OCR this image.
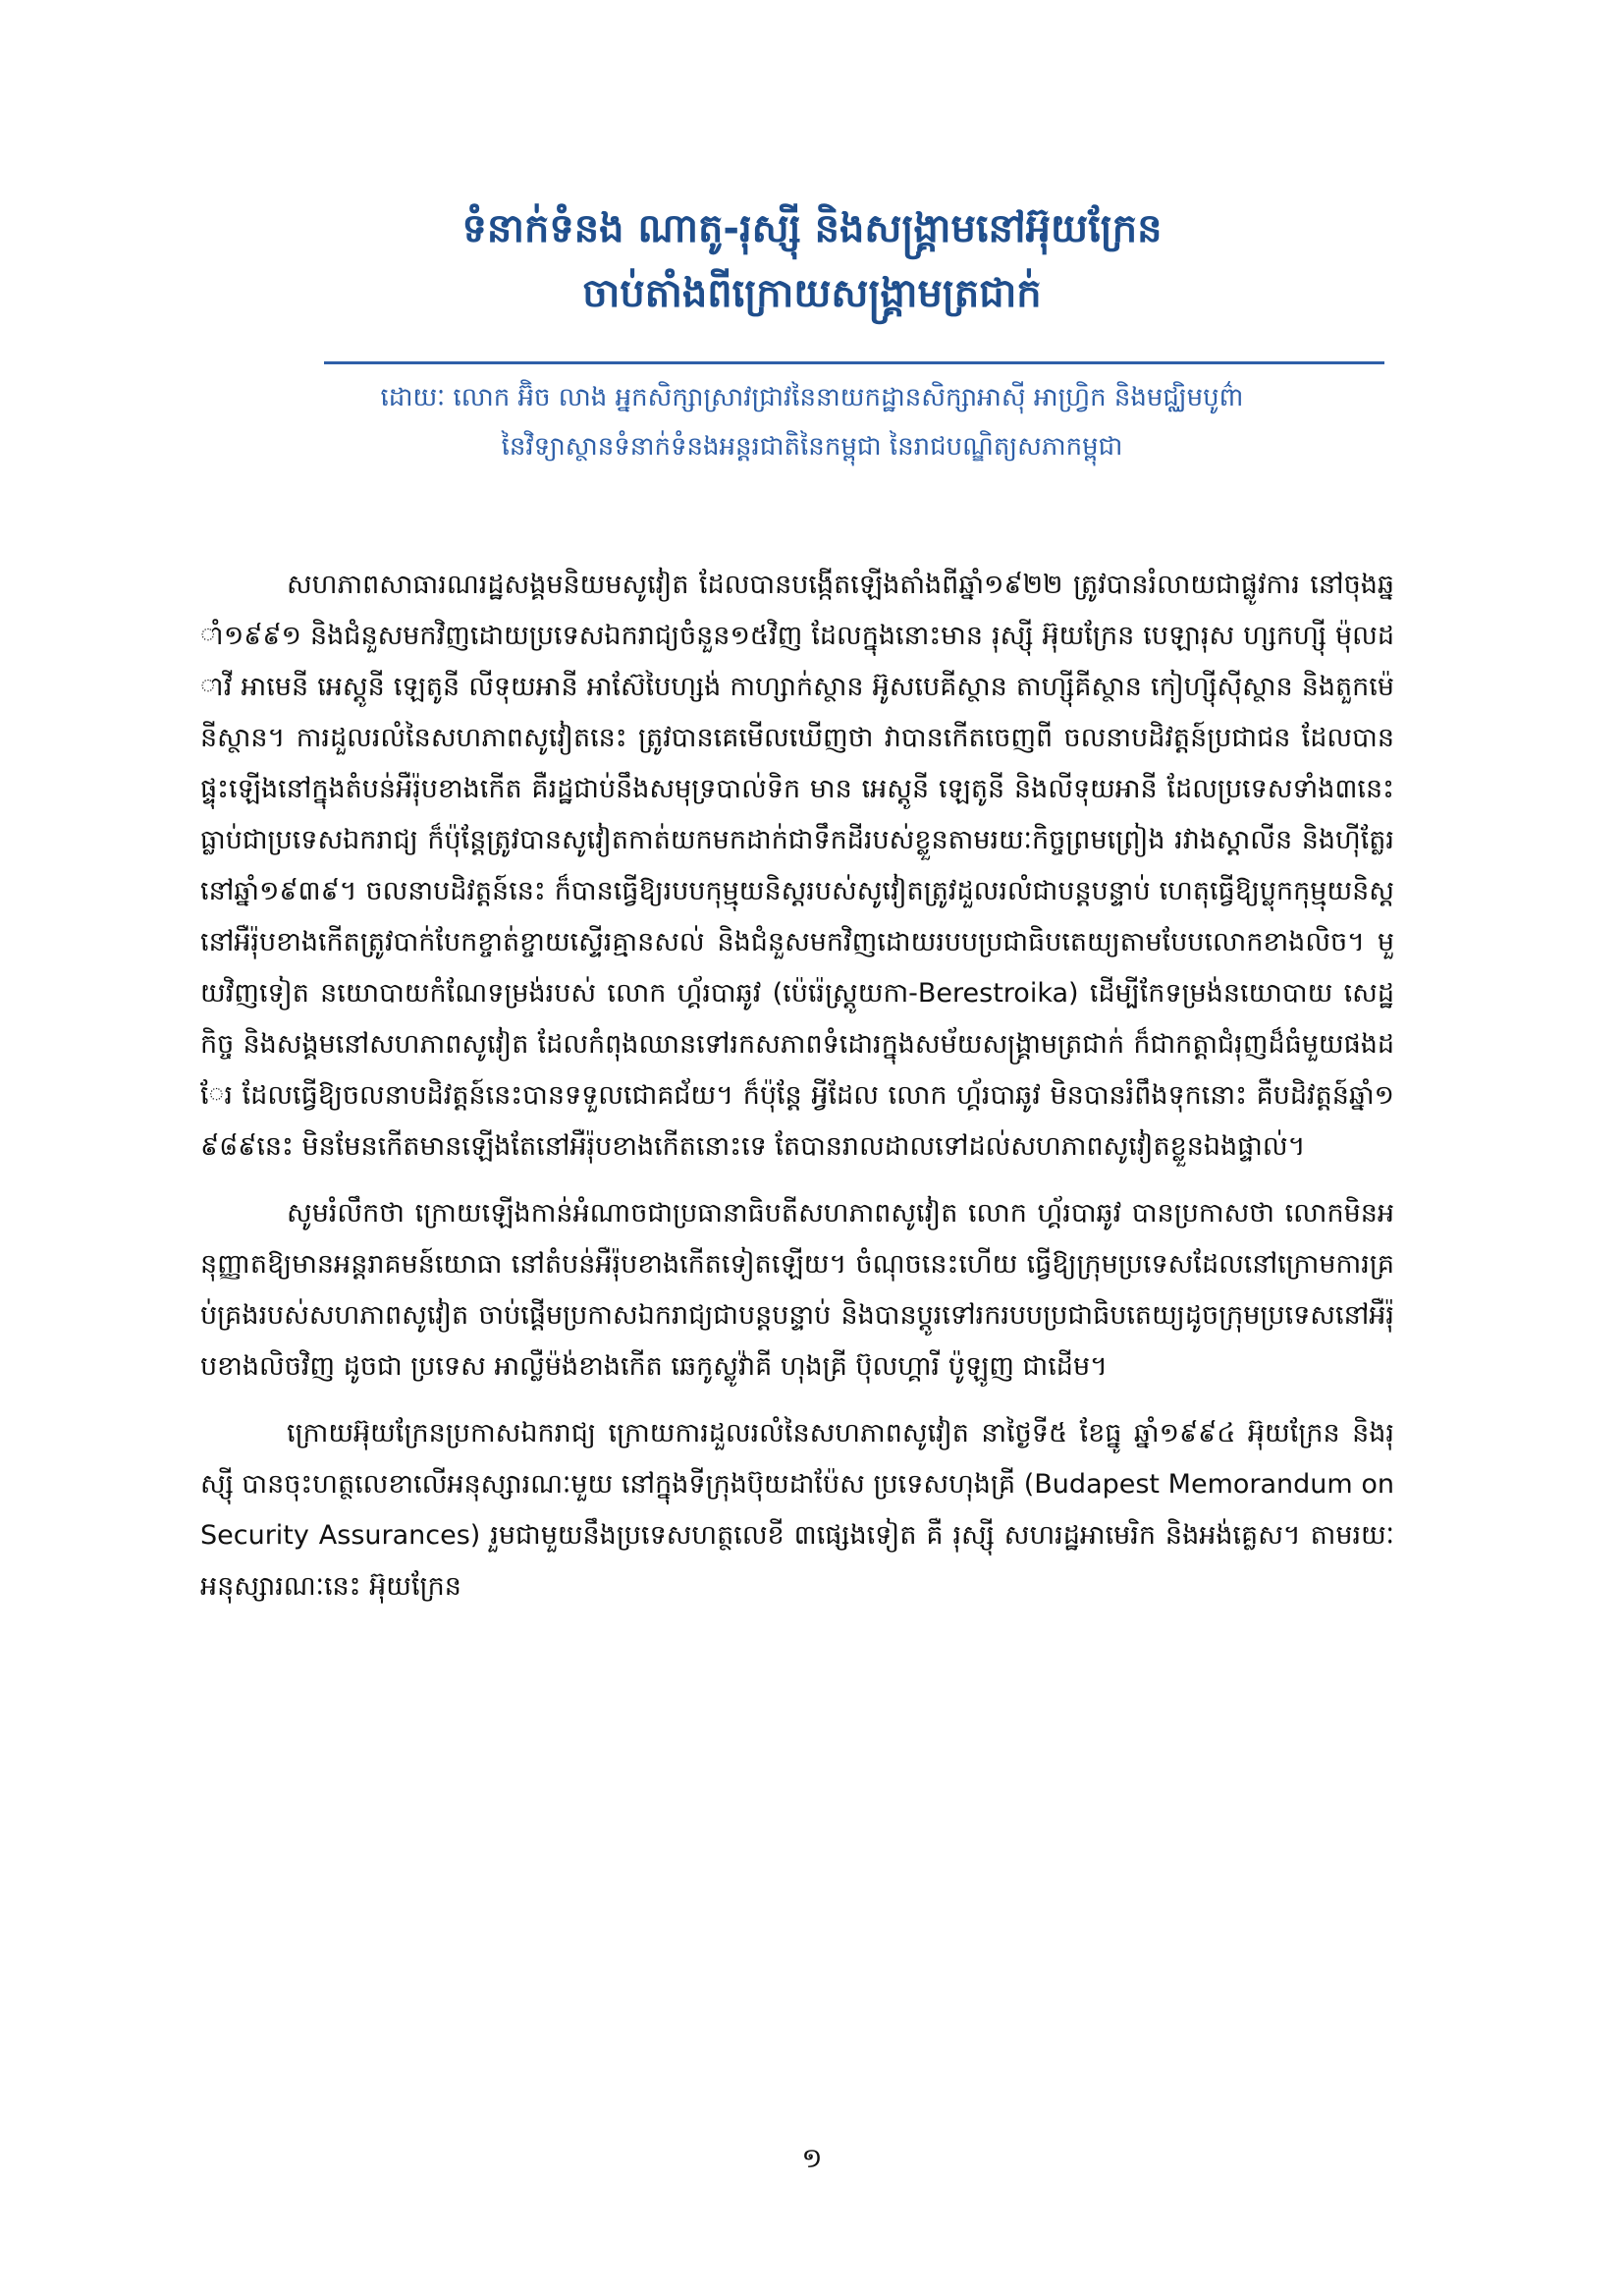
ទំនាក់ទំនង ណាតូ-រុស្ស៊ី និងសង្គ្រាមនៅអ៊ុយក្រែន
ចាប់តាំងពីក្រោយសង្គ្រាមត្រជាក់
ដោយៈ លោក អ៊ិច លាង អ្នកសិក្សាស្រាវជ្រាវនៃនាយកដ្ឋានសិក្សាអាស៊ី អាហ្វ្រិក និងមជ្ឈិមបូព៌ា
នៃវិទ្យាស្ថានទំនាក់ទំនងអន្តរជាតិនៃកម្ពុជា នៃរាជបណ្ឌិត្យសភាកម្ពុជា

សហភាពសាធារណរដ្ឋសង្គមនិយមសូវៀត ដែលបានបង្កើតឡើងតាំងពីឆ្នាំ១៩២២ ត្រូវបានរំលាយជាផ្លូវការ នៅចុងឆ្នាំ១៩៩១ និងជំនួសមកវិញដោយប្រទេសឯករាជ្យចំនួន១៥វិញ ដែលក្នុងនោះមាន រុស្ស៊ី អ៊ុយក្រែន បេឡារុស ហ្សកហ្ស៊ី ម៉ុលដាវី អាមេនី អេស្តូនី ឡេតូនី លីទុយអានី អាស៊ែបៃហ្សង់ កាហ្សាក់ស្ថាន អ៊ូសបេគីស្ថាន តាហ្ស៊ីគីស្ថាន កៀហ្ស៊ីស៊ីស្ថាន និងតួកម៉េនីស្ថាន។ ការដួលរលំនៃសហភាពសូវៀតនេះ ត្រូវបានគេមើលឃើញថា វាបានកើតចេញពី ចលនាបដិវត្តន៍ប្រជាជន ដែលបានផ្ទុះឡើងនៅក្នុងតំបន់អឺរ៉ុបខាងកើត គឺរដ្ឋជាប់នឹងសមុទ្របាល់ទិក មាន អេស្តូនី ឡេតូនី និងលីទុយអានី ដែលប្រទេសទាំង៣នេះធ្លាប់ជាប្រទេសឯករាជ្យ ក៏ប៉ុន្តែត្រូវបានសូវៀតកាត់យកមកដាក់ជាទឹកដីរបស់ខ្លួនតាមរយៈកិច្ចព្រមព្រៀង រវាងស្តាលីន និងហ៊ីត្លែរ នៅឆ្នាំ១៩៣៩។ ចលនាបដិវត្តន៍នេះ ក៏បានធ្វើឱ្យរបបកុម្មុយនិស្តរបស់សូវៀតត្រូវដួលរលំជាបន្តបន្ទាប់ ហេតុធ្វើឱ្យប្លុកកុម្មុយនិស្ត នៅអឺរ៉ុបខាងកើតត្រូវបាក់បែកខ្ចាត់ខ្ចាយស្ទើរគ្មានសល់ និងជំនួសមកវិញដោយរបបប្រជាធិបតេយ្យតាមបែបលោកខាងលិច។ មួយវិញទៀត នយោបាយកំណែទម្រង់របស់ លោក ហ្គ័របាឆូវ (ប៉េរ៉េស្ត្រូយកា-Berestroika) ដើម្បីកែទម្រង់នយោបាយ សេដ្ឋកិច្ច និងសង្គមនៅសហភាពសូវៀត ដែលកំពុងឈានទៅរកសភាពទំដោរក្នុងសម័យសង្គ្រាមត្រជាក់ ក៏ជាកត្តាជំរុញដ៏ធំមួយផងដែរ ដែលធ្វើឱ្យចលនាបដិវត្តន៍នេះបានទទួលជោគជ័យ។ ក៏ប៉ុន្តែ អ្វីដែល លោក ហ្គ័របាឆូវ មិនបានរំពឹងទុកនោះ គឺបដិវត្តន៍ឆ្នាំ១៩៨៩នេះ មិនមែនកើតមានឡើងតែនៅអឺរ៉ុបខាងកើតនោះទេ តែបានរាលដាលទៅដល់សហភាពសូវៀតខ្លួនឯងផ្ទាល់។

សូមរំលឹកថា ក្រោយឡើងកាន់អំណាចជាប្រធានាធិបតីសហភាពសូវៀត លោក ហ្គ័របាឆូវ បានប្រកាសថា លោកមិនអនុញ្ញាតឱ្យមានអន្តរាគមន៍យោធា នៅតំបន់អឺរ៉ុបខាងកើតទៀតឡើយ។ ចំណុចនេះហើយ ធ្វើឱ្យក្រុមប្រទេសដែលនៅក្រោមការគ្រប់គ្រងរបស់សហភាពសូវៀត ចាប់ផ្តើមប្រកាសឯករាជ្យជាបន្តបន្ទាប់ និងបានប្តូរទៅរករបបប្រជាធិបតេយ្យដូចក្រុមប្រទេសនៅអឺរ៉ុបខាងលិចវិញ ដូចជា ប្រទេស អាល្លឺម៉ង់ខាងកើត ឆេកូស្លូវ៉ាគី ហុងគ្រី ប៊ុលហ្គារី ប៉ូឡូញ ជាដើម។

ក្រោយអ៊ុយក្រែនប្រកាសឯករាជ្យ ក្រោយការដួលរលំនៃសហភាពសូវៀត នាថ្ងៃទី៥ ខែធ្នូ ឆ្នាំ១៩៩៤ អ៊ុយក្រែន និងរុស្ស៊ី បានចុះហត្ថលេខាលើអនុស្សារណៈមួយ នៅក្នុងទីក្រុងប៊ុយដាប៉ែស ប្រទេសហុងគ្រី (Budapest Memorandum on Security Assurances) រួមជាមួយនឹងប្រទេសហត្ថលេខី ៣ផ្សេងទៀត គឺ រុស្ស៊ី សហរដ្ឋអាមេរិក និងអង់គ្លេស។ តាមរយៈអនុស្សារណៈនេះ អ៊ុយក្រែន

១
